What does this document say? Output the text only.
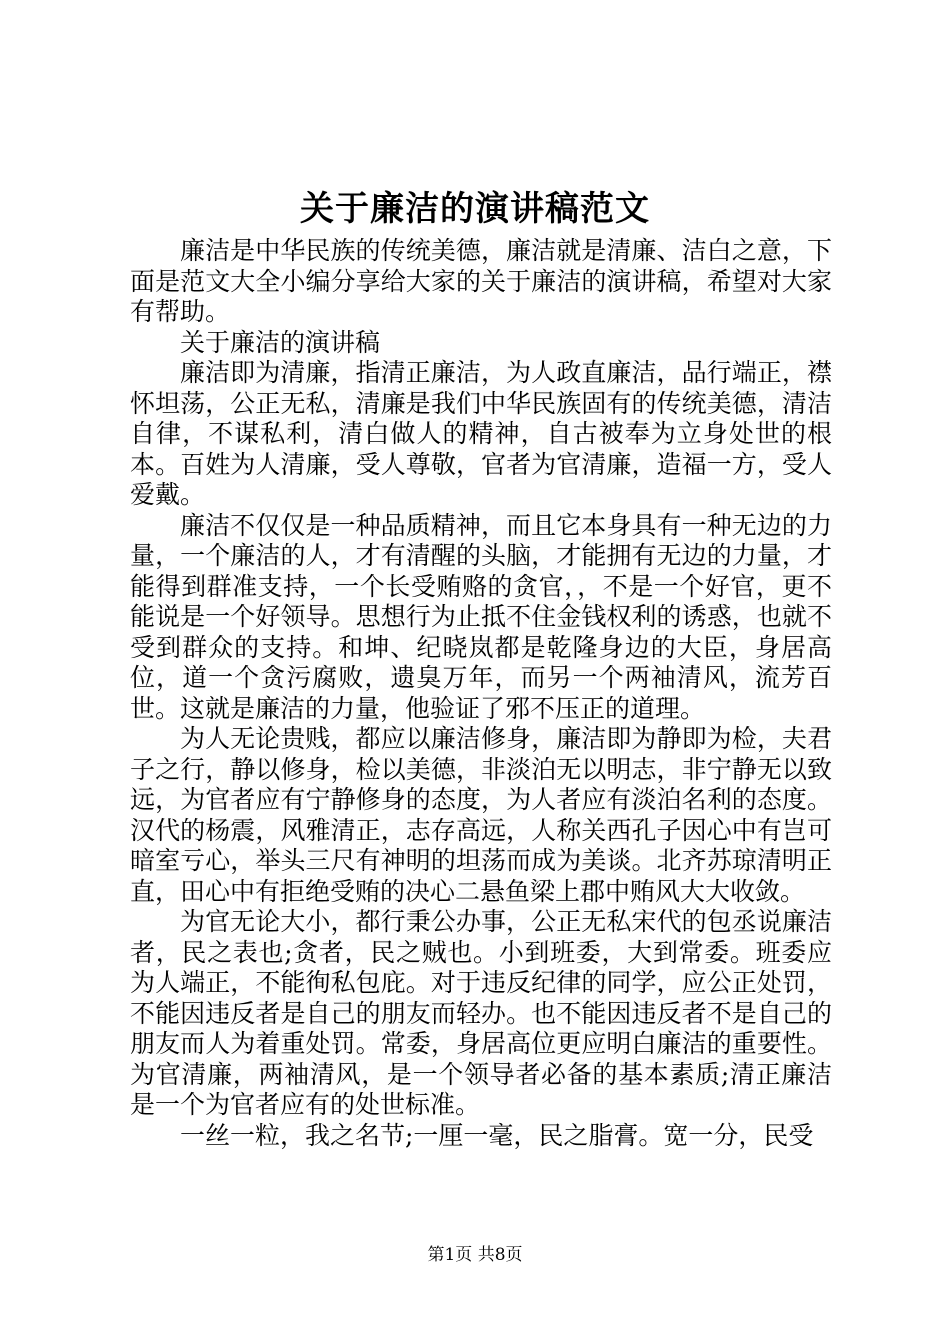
关于廉洁的演讲稿范文

廉洁是中华民族的传统美德，廉洁就是清廉、洁白之意，下面是范文大全小编分享给大家的关于廉洁的演讲稿，希望对大家有帮助。

关于廉洁的演讲稿

廉洁即为清廉，指清正廉洁，为人政直廉洁，品行端正，襟怀坦荡，公正无私，清廉是我们中华民族固有的传统美德，清洁自律，不谋私利，清白做人的精神，自古被奉为立身处世的根本。百姓为人清廉，受人尊敬，官者为官清廉，造福一方，受人爱戴。

廉洁不仅仅是一种品质精神，而且它本身具有一种无边的力量，一个廉洁的人，才有清醒的头脑，才能拥有无边的力量，才能得到群准支持，一个长受贿赂的贪官，，不是一个好官，更不能说是一个好领导。思想行为止抵不住金钱权利的诱惑，也就不受到群众的支持。和坤、纪晓岚都是乾隆身边的大臣，身居高位，道一个贪污腐败，遗臭万年，而另一个两袖清风，流芳百世。这就是廉洁的力量，他验证了邪不压正的道理。

为人无论贵贱，都应以廉洁修身，廉洁即为静即为检，夫君子之行，静以修身，检以美德，非淡泊无以明志，非宁静无以致远，为官者应有宁静修身的态度，为人者应有淡泊名利的态度。汉代的杨震，风雅清正，志存高远，人称关西孔子因心中有岂可暗室亏心，举头三尺有神明的坦荡而成为美谈。北齐苏琼清明正直，田心中有拒绝受贿的决心二悬鱼梁上郡中贿风大大收敛。

为官无论大小，都行秉公办事，公正无私宋代的包丞说廉洁者，民之表也;贪者，民之贼也。小到班委，大到常委。班委应为人端正，不能徇私包庇。对于违反纪律的同学，应公正处罚，不能因违反者是自己的朋友而轻办。也不能因违反者不是自己的朋友而人为着重处罚。常委，身居高位更应明白廉洁的重要性。为官清廉，两袖清风，是一个领导者必备的基本素质;清正廉洁是一个为官者应有的处世标准。

一丝一粒，我之名节;一厘一毫，民之脂膏。宽一分，民受

第1页 共8页
